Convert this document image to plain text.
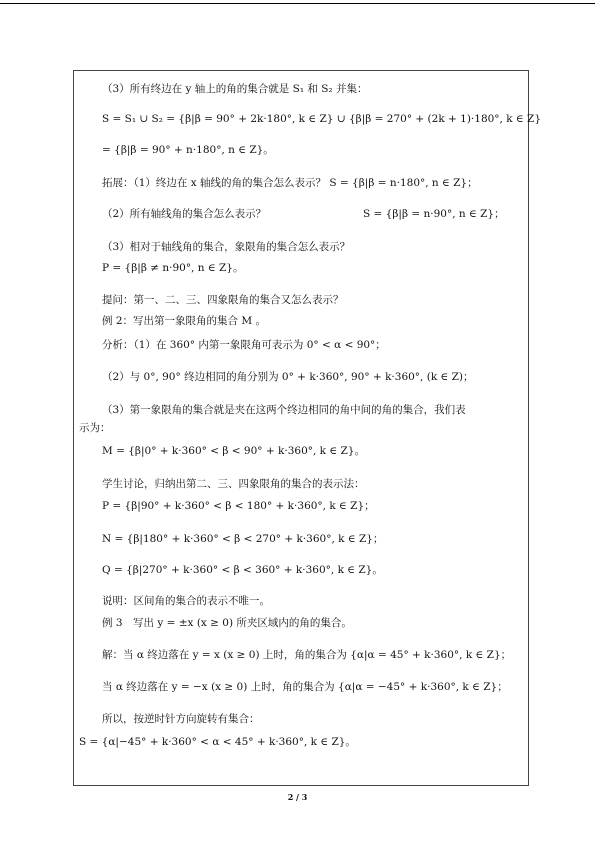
（3）所有终边在 y 轴上的角的集合就是 S₁ 和 S₂ 并集：
S = S₁ ∪ S₂ = {β|β = 90° + 2k·180°, k ∈ Z} ∪ {β|β = 270° + (2k + 1)·180°, k ∈ Z}
= {β|β = 90° + n·180°, n ∈ Z}。
拓展：（1）终边在 x 轴线的角的集合怎么表示？ S = {β|β = n·180°, n ∈ Z}；
（2）所有轴线角的集合怎么表示？	S = {β|β = n·90°, n ∈ Z}；
（3）相对于轴线角的集合，象限角的集合怎么表示？
P = {β|β ≠ n·90°, n ∈ Z}。
提问：第一、二、三、四象限角的集合又怎么表示？
例 2：写出第一象限角的集合 M 。
分析：（1）在 360° 内第一象限角可表示为 0° < α < 90°；
（2）与 0°, 90° 终边相同的角分别为 0° + k·360°, 90° + k·360°, (k ∈ Z)；
（3）第一象限角的集合就是夹在这两个终边相同的角中间的角的集合，我们表
示为：
M = {β|0° + k·360° < β < 90° + k·360°, k ∈ Z}。
学生讨论，归纳出第二、三、四象限角的集合的表示法：
P = {β|90° + k·360° < β < 180° + k·360°, k ∈ Z}；
N = {β|180° + k·360° < β < 270° + k·360°, k ∈ Z}；
Q = {β|270° + k·360° < β < 360° + k·360°, k ∈ Z}。
说明：区间角的集合的表示不唯一。
例 3　写出 y = ±x (x ≥ 0) 所夹区域内的角的集合。
解：当 α 终边落在 y = x (x ≥ 0) 上时，角的集合为 {α|α = 45° + k·360°, k ∈ Z}；
当 α 终边落在 y = −x (x ≥ 0) 上时，角的集合为 {α|α = −45° + k·360°, k ∈ Z}；
所以，按逆时针方向旋转有集合：
S = {α|−45° + k·360° < α < 45° + k·360°, k ∈ Z}。
2 / 3
